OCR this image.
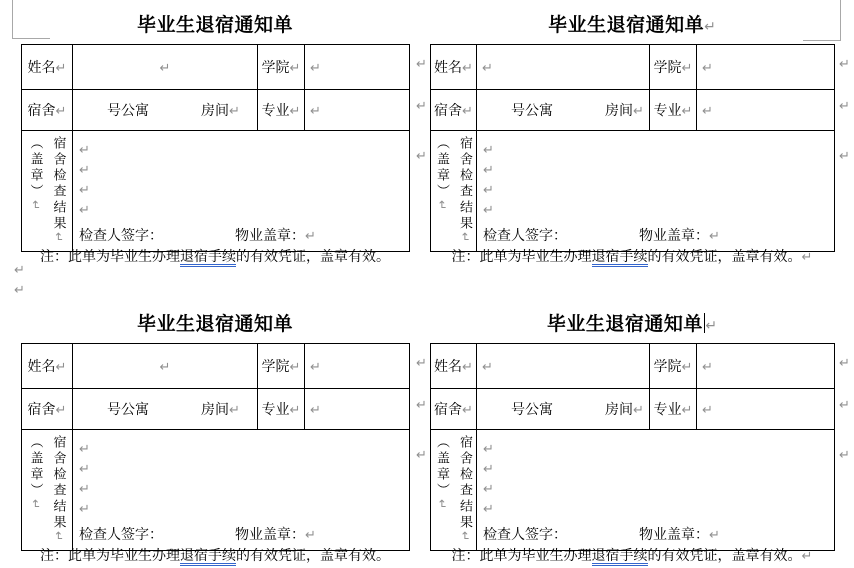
↵
↵
毕业生退宿通知单
姓名↵	↵	学院↵	↵
宿舍↵	号公寓 房间↵	专业↵	↵

宿舍检查结果↵
（盖章）↵

↵
↵
↵
↵
检查人签字：	物业盖章：↵
↵
↵
↵
注：此单为毕业生办理退宿手续的有效凭证，盖章有效。
毕业生退宿通知单↵
姓名↵	↵	学院↵	↵
宿舍↵	号公寓 房间↵	专业↵	↵

宿舍检查结果↵
（盖章）↵

↵
↵
↵
↵
检查人签字：	物业盖章：↵
↵
↵
↵
注：此单为毕业生办理退宿手续的有效凭证，盖章有效。↵
毕业生退宿通知单
姓名↵	↵	学院↵	↵
宿舍↵	号公寓 房间↵	专业↵	↵

宿舍检查结果↵
（盖章）↵

↵
↵
↵
↵
检查人签字：	物业盖章：↵
↵
↵
↵
注：此单为毕业生办理退宿手续的有效凭证，盖章有效。
毕业生退宿通知单 ↵
姓名↵	↵	学院↵	↵
宿舍↵	号公寓 房间↵	专业↵	↵

宿舍检查结果↵
（盖章）↵

↵
↵
↵
↵
检查人签字：	物业盖章：↵
↵
↵
↵
注：此单为毕业生办理退宿手续的有效凭证，盖章有效。↵
